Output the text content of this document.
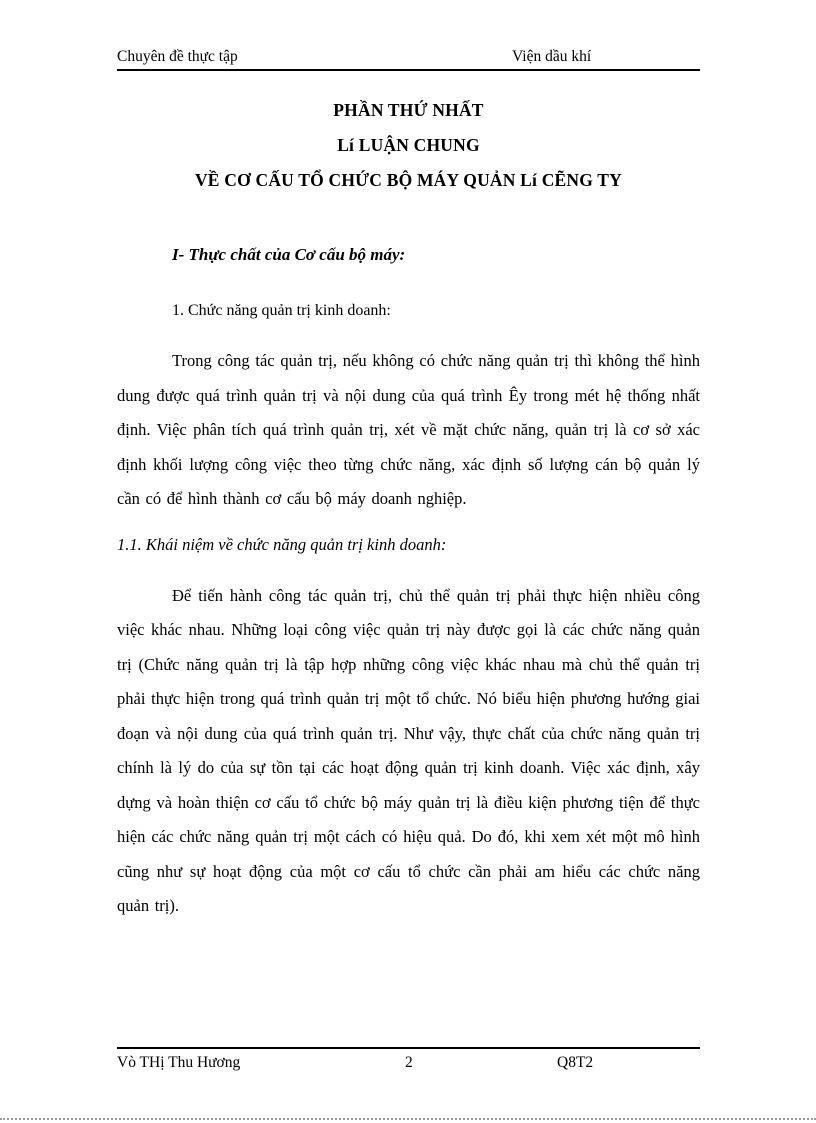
Chuyên đề thực tập	Viện dầu khí
PHẦN THỨ NHẤT
Lí LUẬN CHUNG
VỀ CƠ CẤU TỔ CHỨC BỘ MÁY QUẢN Lí CẼNG TY
I- Thực chất của Cơ cấu bộ máy:
1. Chức năng quản trị kinh doanh:

Trong công tác quản trị, nếu không có chức năng quản trị thì không thể hình dung được quá trình quản trị và nội dung của quá trình Êy trong mét hệ thống nhất định. Việc phân tích quá trình quản trị, xét về mặt chức năng, quản trị là cơ sở xác định khối lượng công việc theo từng chức năng, xác định số lượng cán bộ quản lý cần có để hình thành cơ cấu bộ máy doanh nghiệp.

1.1. Khái niệm về chức năng quản trị kinh doanh:

Để tiến hành công tác quản trị, chủ thể quản trị phải thực hiện nhiều công việc khác nhau. Những loại công việc quản trị này được gọi là các chức năng quản trị (Chức năng quản trị là tập hợp những công việc khác nhau mà chủ thể quản trị phải thực hiện trong quá trình quản trị một tổ chức. Nó biểu hiện phương hướng giai đoạn và nội dung của quá trình quản trị. Như vậy, thực chất của chức năng quản trị chính là lý do của sự tồn tại các hoạt động quản trị kinh doanh. Việc xác định, xây dựng và hoàn thiện cơ cấu tổ chức bộ máy quản trị là điều kiện phương tiện để thực hiện các chức năng quản trị một cách có hiệu quả. Do đó, khi xem xét một mô hình cũng như sự hoạt động của một cơ cấu tổ chức cần phải am hiểu các chức năng quản trị).

Vò THị Thu Hương	2	Q8T2
